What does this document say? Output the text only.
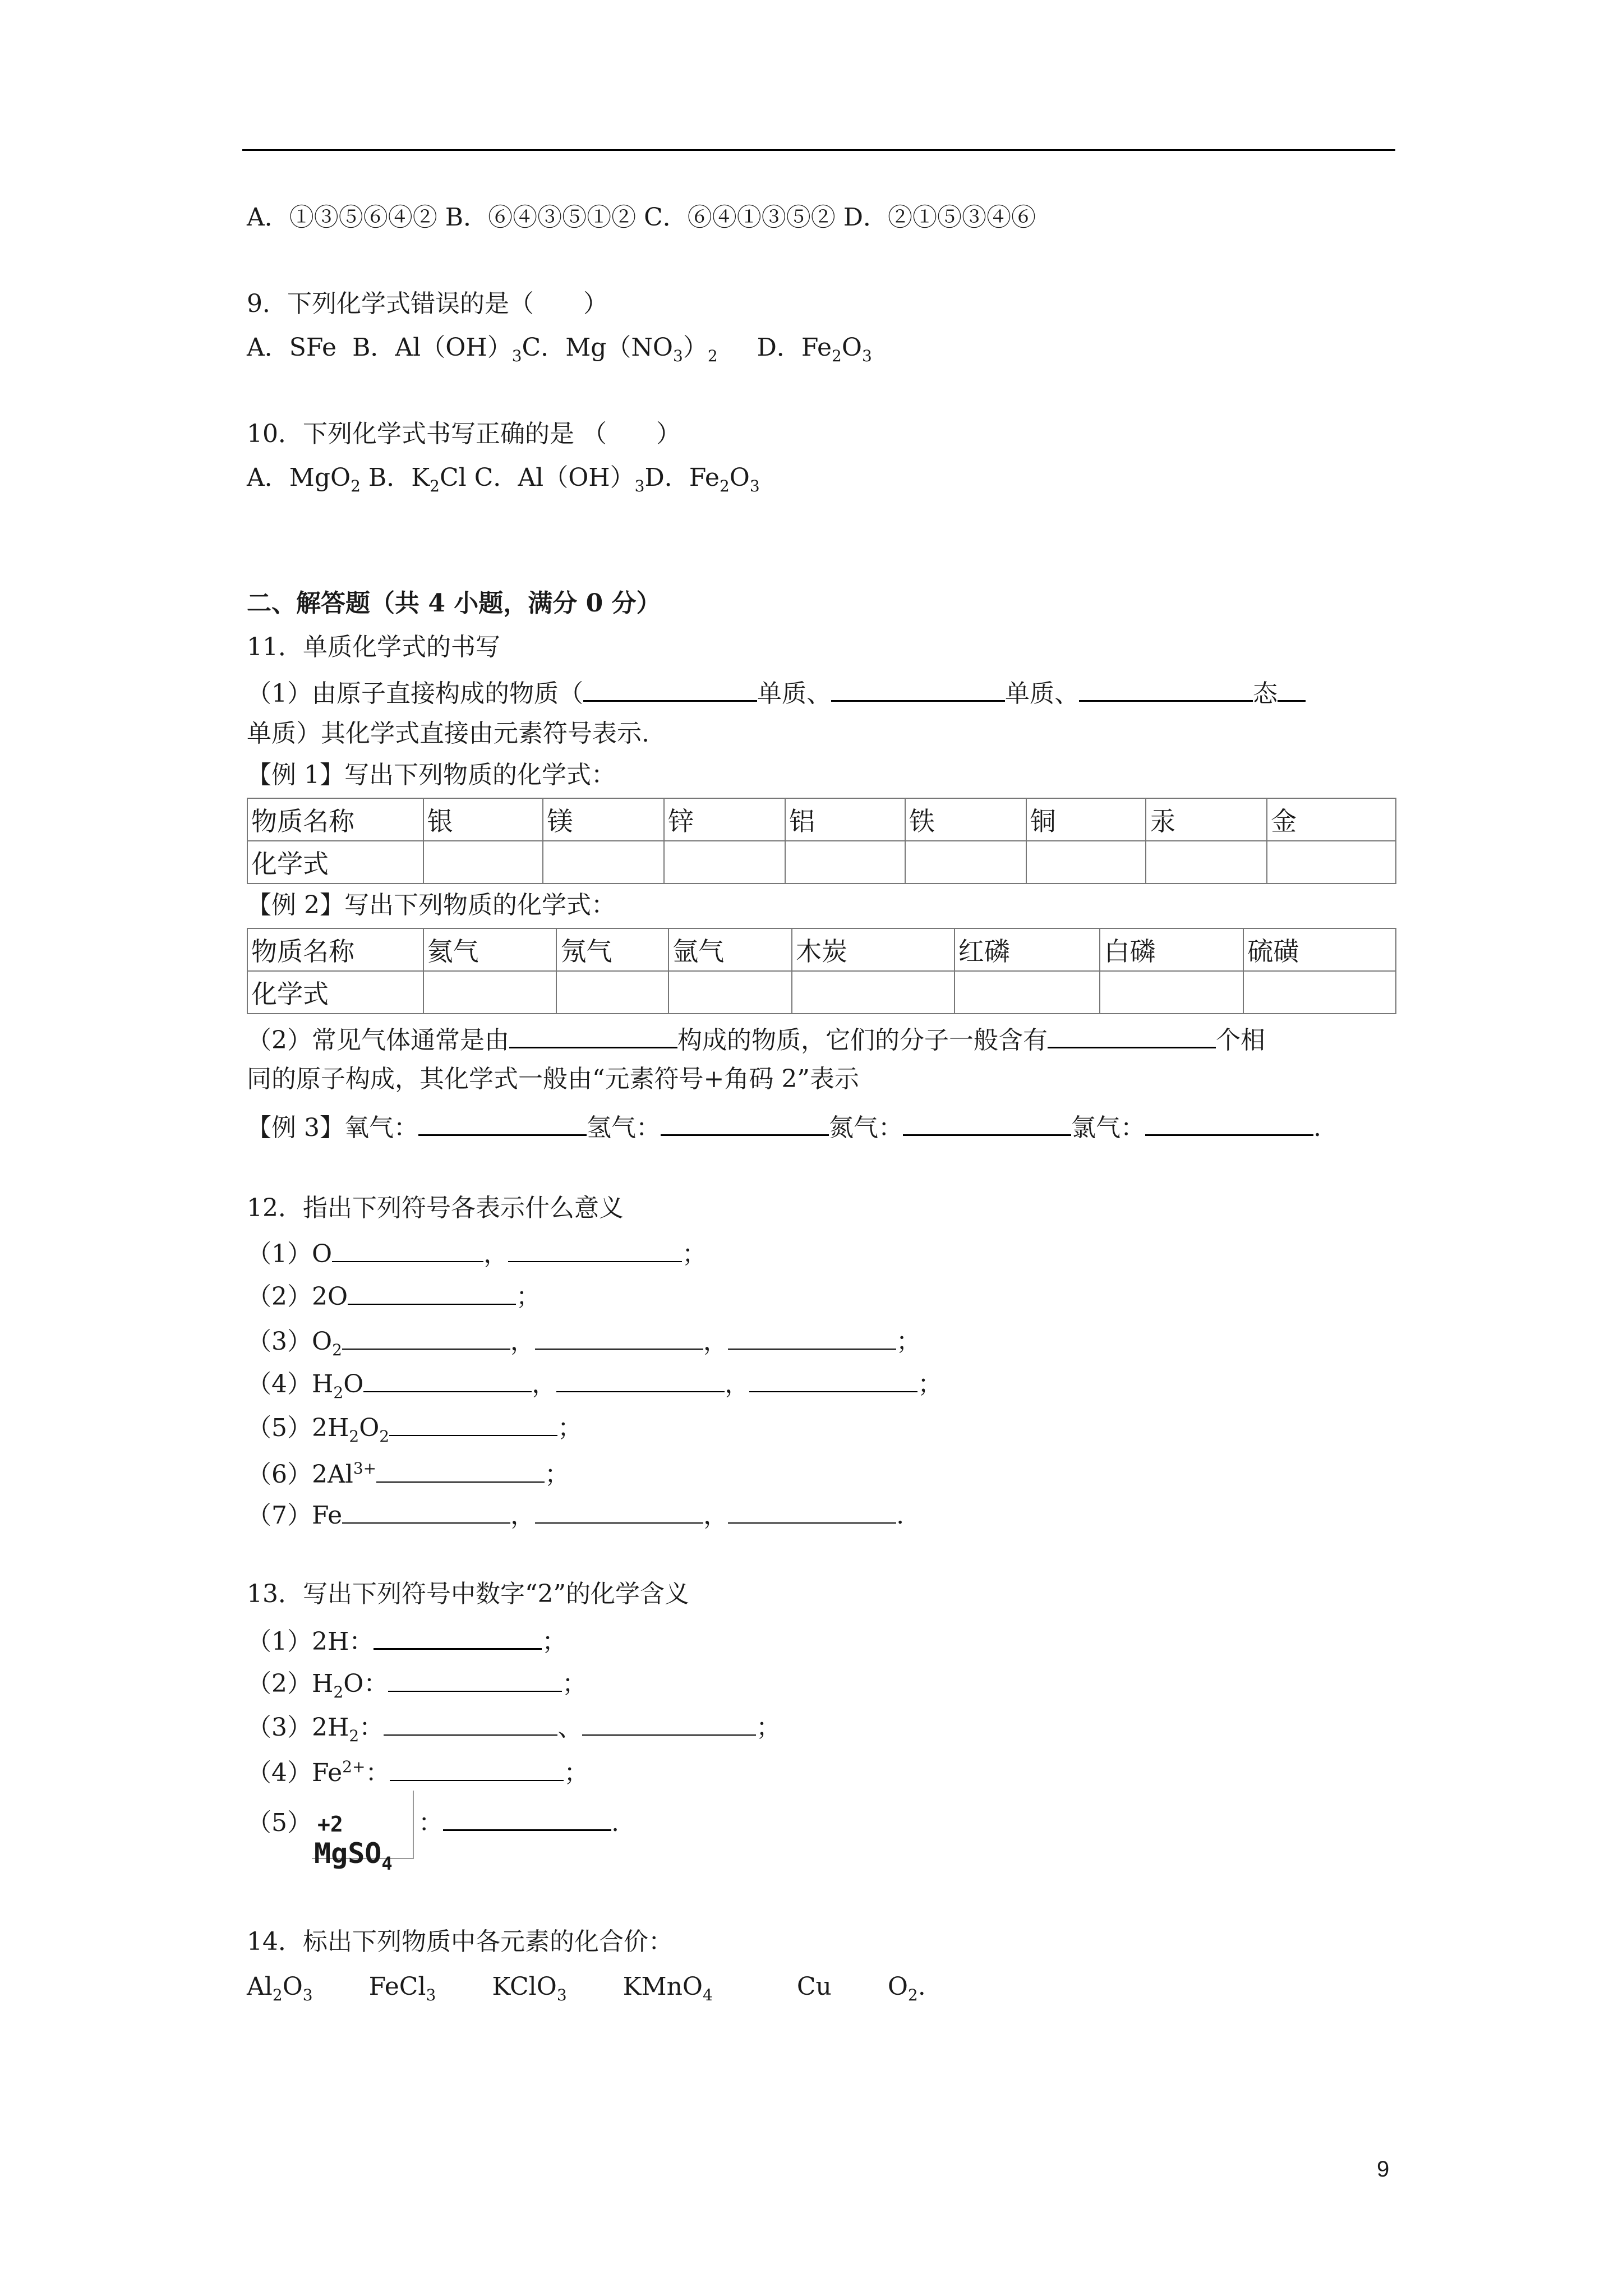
A．①③⑤⑥④② B．⑥④③⑤①② C．⑥④①③⑤② D．②①⑤③④⑥
9．下列化学式错误的是（　　）
A．SFe B．$Al(OH)_3C$．$Mg(NO_3)_2$ D．$Fe_2O_3$
10．下列化学式书写正确的是 （　　）
A．MgO$_2$ B．$K_2Cl$ C．$Al(OH)_3D$．$Fe_2O_3$
二、解答题（共 4 小题，满分 0 分）
11．单质化学式的书写
（1）由原子直接构成的物质（	单质、	单质、	态
单质）其化学式直接由元素符号表示.
【例 1】写出下列物质的化学式：
物质名称	银	镁	锌	铝	铁	铜	汞	金
化学式								
【例 2】写出下列物质的化学式：
物质名称	氦气	氖气	氩气	木炭	红磷	白磷	硫磺
化学式							
（2）常见气体通常是由	构成的物质，它们的分子一般含有	个相
同的原子构成，其化学式一般由“元素符号+角码 2”表示
【例 3】氧气：	氢气：	氮气：	氯气：	.
12．指出下列符号各表示什么意义
（1）O	，	；
（2）2O	；
$(3)O_2$	，	，	；
$(4)H_2O$	，	，	；
$(5)2H_2O_2$	；
$(6)2Al^{3+}$	；
（7）Fe	，	，	.
13．写出下列符号中数字“2”的化学含义
（1）2H：	；
$(2)H_2O$：	；
$(3)2H_2$：	、	；
$(4)Fe^{2+}$：	；
（5） +2
MgSO$_4$
：	.
14．标出下列物质中各元素的化合价：
$Al_2O_3$ FeCl$_3$ KClO$_3$ KMnO$_4$	Cu $O_2$.
9
